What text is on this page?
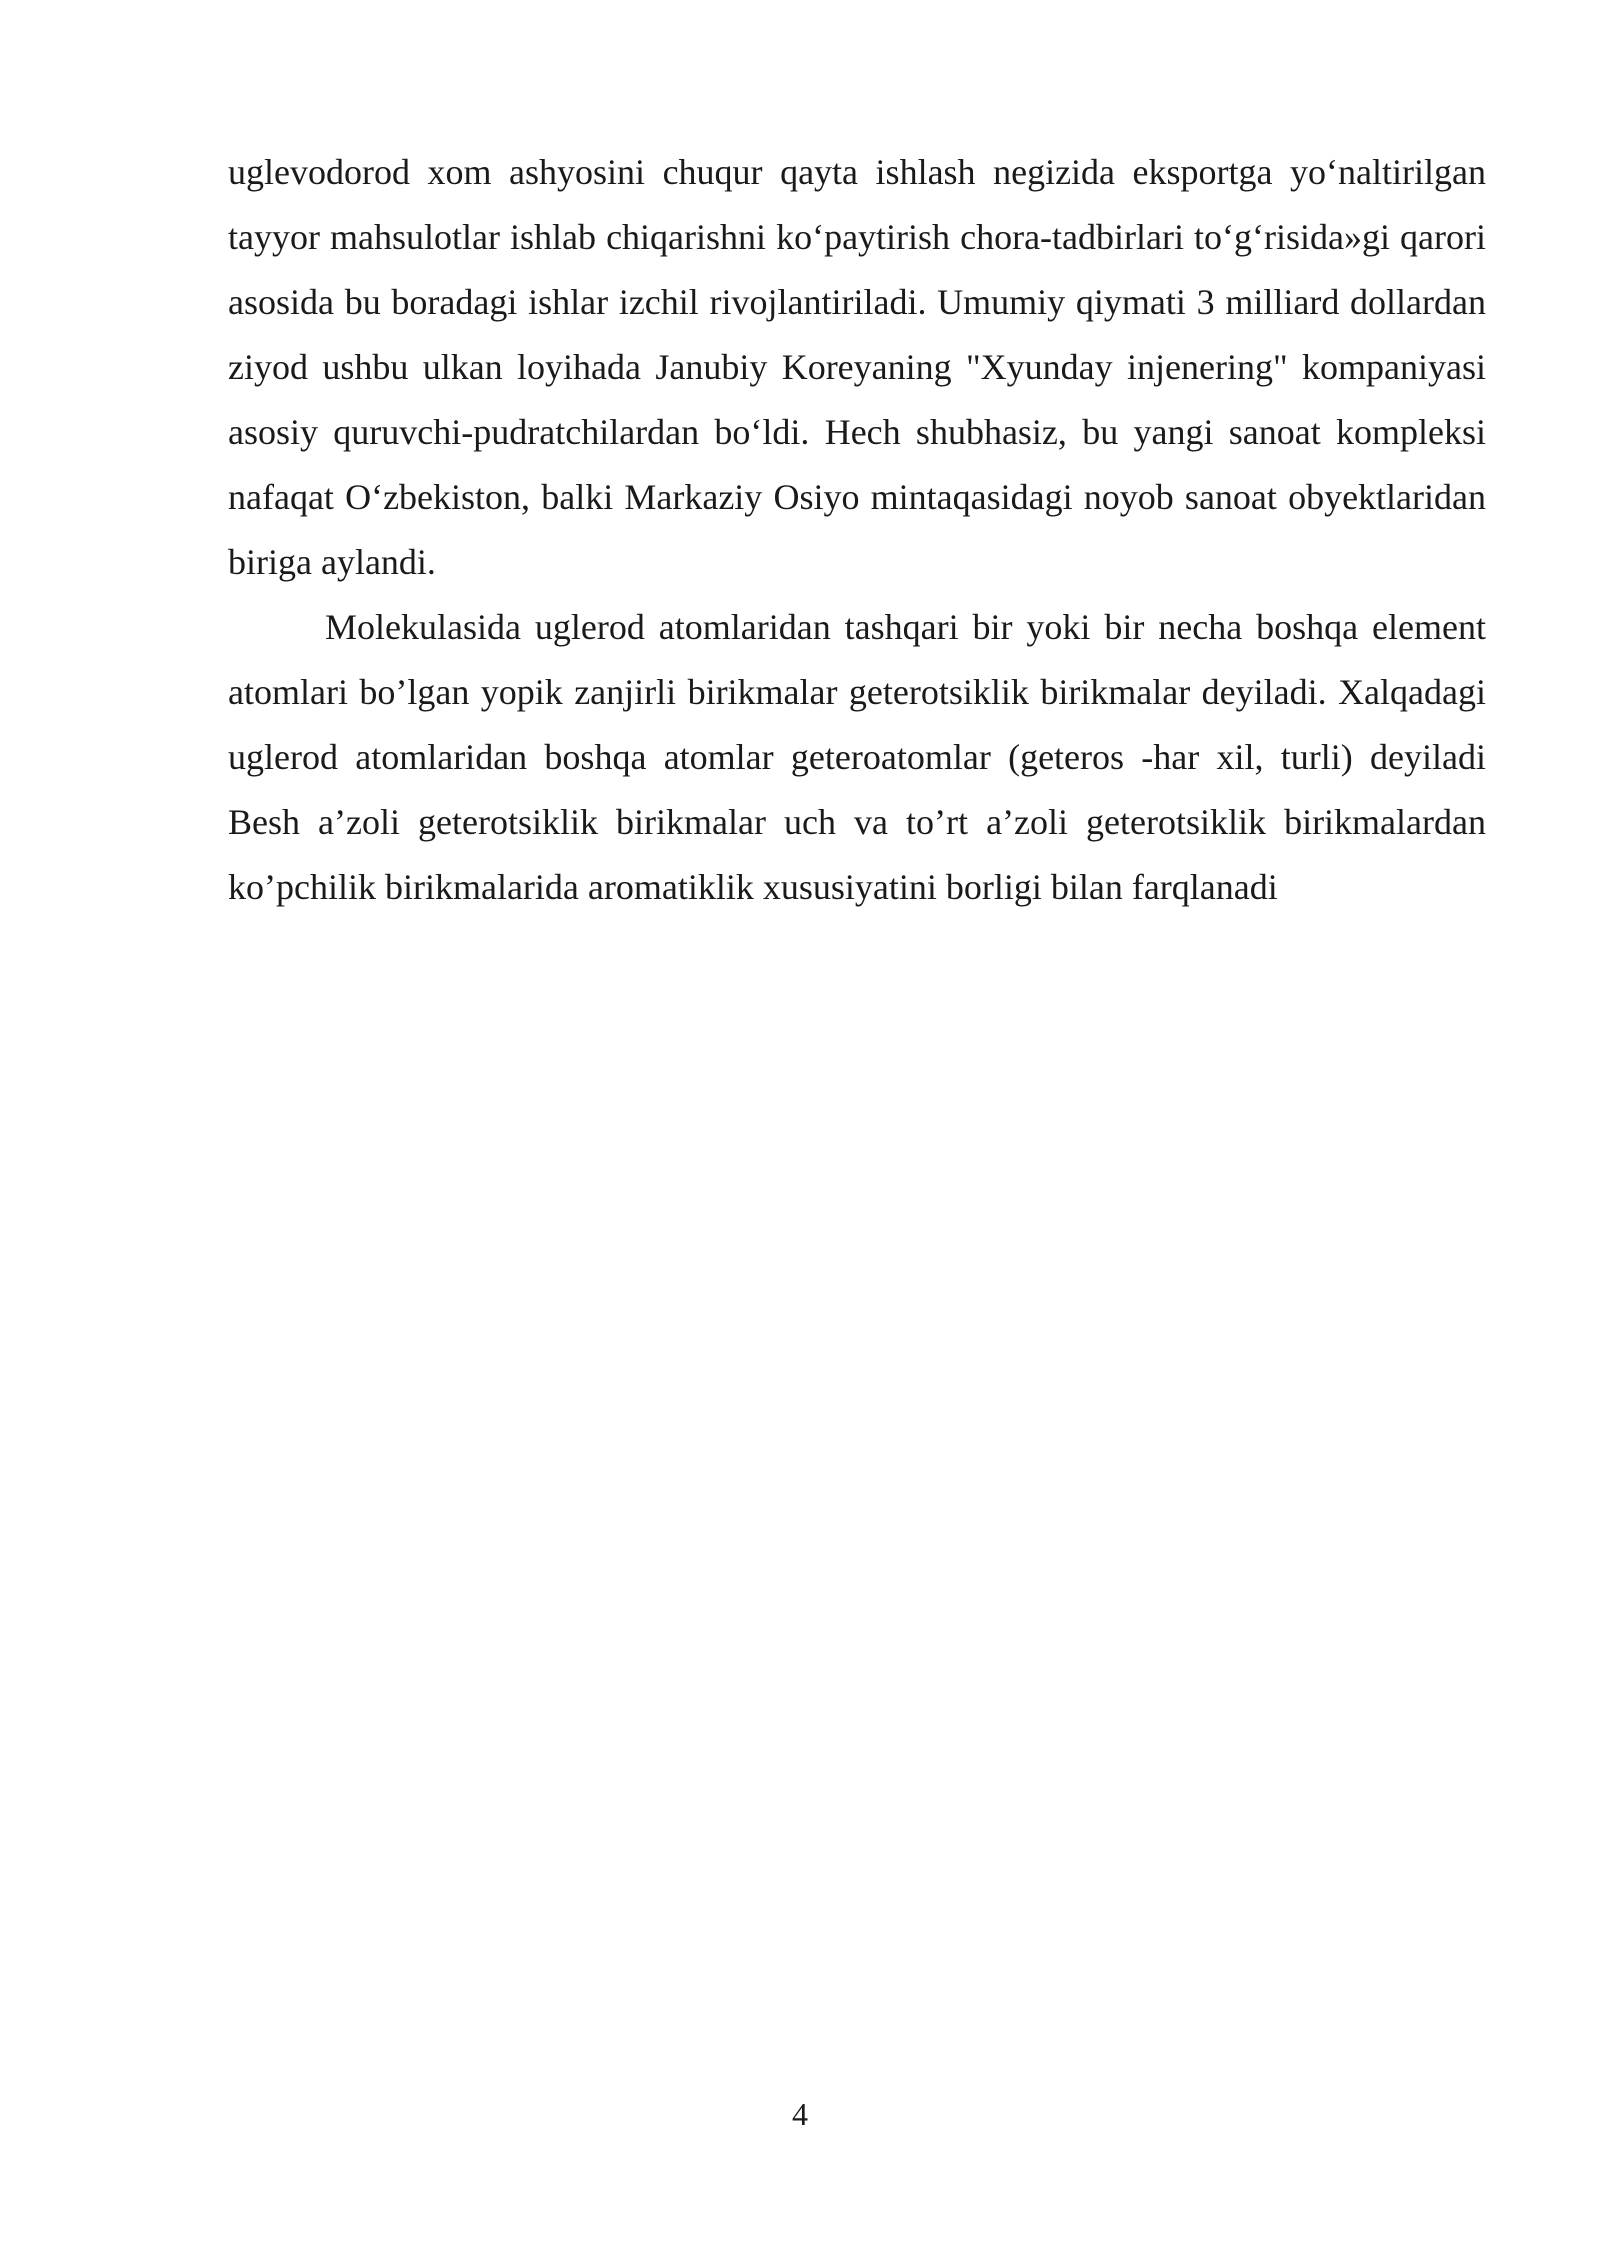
uglevodorod xom ashyosini chuqur qayta ishlash negizida eksportga yo‘naltirilgan tayyor mahsulotlar ishlab chiqarishni ko‘paytirish chora-tadbirlari to‘g‘risida»gi qarori asosida bu boradagi ishlar izchil rivojlantiriladi. Umumiy qiymati 3 milliard dollardan ziyod ushbu ulkan loyihada Janubiy Koreyaning "Xyunday injenering" kompaniyasi asosiy quruvchi-pudratchilardan bo‘ldi. Hech shubhasiz, bu yangi sanoat kompleksi nafaqat O‘zbekiston, balki Markaziy Osiyo mintaqasidagi noyob sanoat obyektlaridan biriga aylandi.

Molekulasida uglerod atomlaridan tashqari bir yoki bir necha boshqa element atomlari bo’lgan yopik zanjirli birikmalar geterotsiklik birikmalar deyiladi. Xalqadagi uglerod atomlaridan boshqa atomlar geteroatomlar (geteros -har xil, turli) deyiladi Besh a’zoli geterotsiklik birikmalar uch va to’rt a’zoli geterotsiklik birikmalardan ko’pchilik birikmalarida aromatiklik xususiyatini borligi bilan farqlanadi

4
